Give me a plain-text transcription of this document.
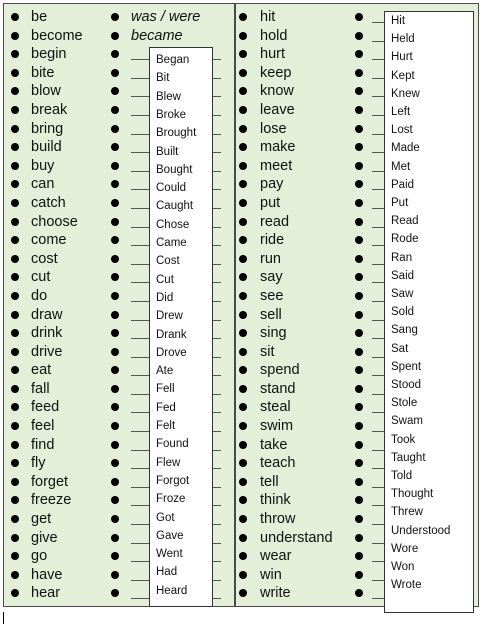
be	was / were
become	became
begin
bite
blow
break
bring
build
buy
can
catch
choose
come
cost
cut
do
draw
drink
drive
eat
fall
feed
feel
find
fly
forget
freeze
get
give
go
have
hear
hit
hold
hurt
keep
know
leave
lose
make
meet
pay
put
read
ride
run
say
see
sell
sing
sit
spend
stand
steal
swim
take
teach
tell
think
throw
understand
wear
win
write
Began
Bit
Blew
Broke
Brought
Built
Bought
Could
Caught
Chose
Came
Cost
Cut
Did
Drew
Drank
Drove
Ate
Fell
Fed
Felt
Found
Flew
Forgot
Froze
Got
Gave
Went
Had
Heard
Hit
Held
Hurt
Kept
Knew
Left
Lost
Made
Met
Paid
Put
Read
Rode
Ran
Said
Saw
Sold
Sang
Sat
Spent
Stood
Stole
Swam
Took
Taught
Told
Thought
Threw
Understood
Wore
Won
Wrote
